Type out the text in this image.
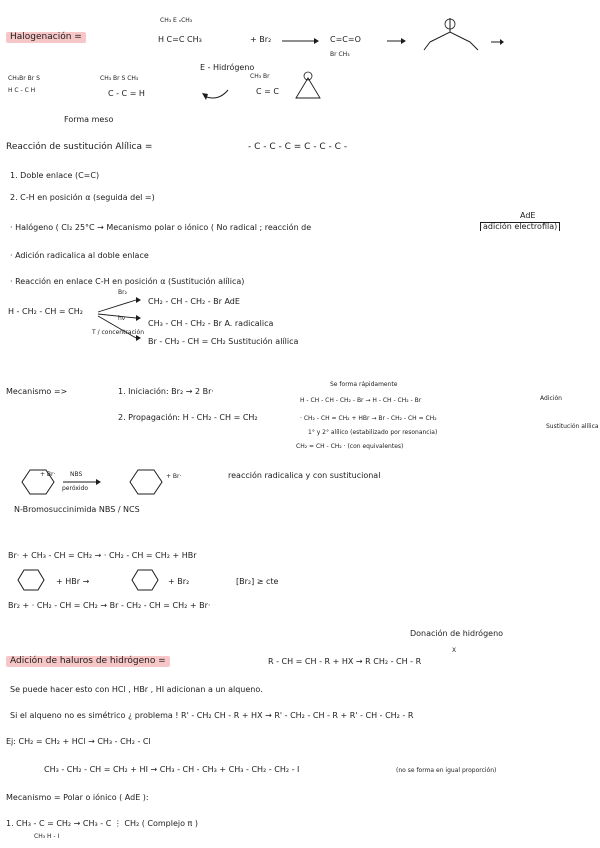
Halogenación =
CH₃ E ₙCH₃
H C=C CH₃	+ Br₂ → C=C=O
Br CH₃
E - Hidrógeno
CH₃Br Br S
H C - C H
CH₃ Br S CH₃
C - C = H
CH₃ Br
C = C
Forma meso
Reacción de sustitución Alílica =	- C - C - C = C - C - C -
1. Doble enlace (C=C)
2. C-H en posición α (seguida del =)
AdE
· Halógeno ( Cl₂ 25°C → Mecanismo polar o iónico ( No radical ; reacción de	adición electrofila)
· Adición radicalica al doble enlace
· Reacción en enlace C-H en posición α (Sustitución alílica)
H - CH₂ - CH = CH₂
Br₂
hν
T / concentración
CH₂ - CH - CH₂ - Br AdE
CH₃ - CH - CH₂ - Br A. radicalica
Br - CH₂ - CH = CH₂ Sustitución alílica
Mecanismo =>	1. Iniciación: Br₂ → 2 Br·
Se forma rápidamente
2. Propagación: H - CH₂ - CH = CH₂
H - CH - CH - CH₂ - Br → H - CH - CH₂ - Br
· CH₂ - CH = CH₂ + HBr → Br - CH₂ - CH = CH₂
Adición
Sustitución alílica
1° y 2° alílico (estabilizado por resonancia)
CH₂ = CH - CH₂ · (con equivalentes)
+ Br· NBS
peróxido
+ Br·	reacción radicalica y con sustitucional
N-Bromosuccinimida NBS / NCS
Br· + CH₃ - CH = CH₂ → · CH₂ - CH = CH₂ + HBr
+ HBr →	+ Br₂	[Br₂] ≥ cte
Br₂ + · CH₂ - CH = CH₂ → Br - CH₂ - CH = CH₂ + Br·
Donación de hidrógeno
Adición de haluros de hidrógeno =	R - CH = CH - R + HX → R CH₂ - CH - R
X
Se puede hacer esto con HCl , HBr , HI adicionan a un alqueno.
Si el alqueno no es simétrico ¿ problema ! R' - CH₂ CH - R + HX → R' - CH₂ - CH - R + R' - CH - CH₂ - R
Ej: CH₂ = CH₂ + HCl → CH₃ - CH₂ - Cl
CH₃ - CH₂ - CH = CH₂ + HI → CH₃ - CH - CH₃ + CH₃ - CH₂ - CH₂ - I	(no se forma en igual proporción)
Mecanismo = Polar o iónico ( AdE ):
1. CH₃ - C = CH₂ → CH₃ - C ⋮ CH₂ ( Complejo π )
CH₃ H - I
